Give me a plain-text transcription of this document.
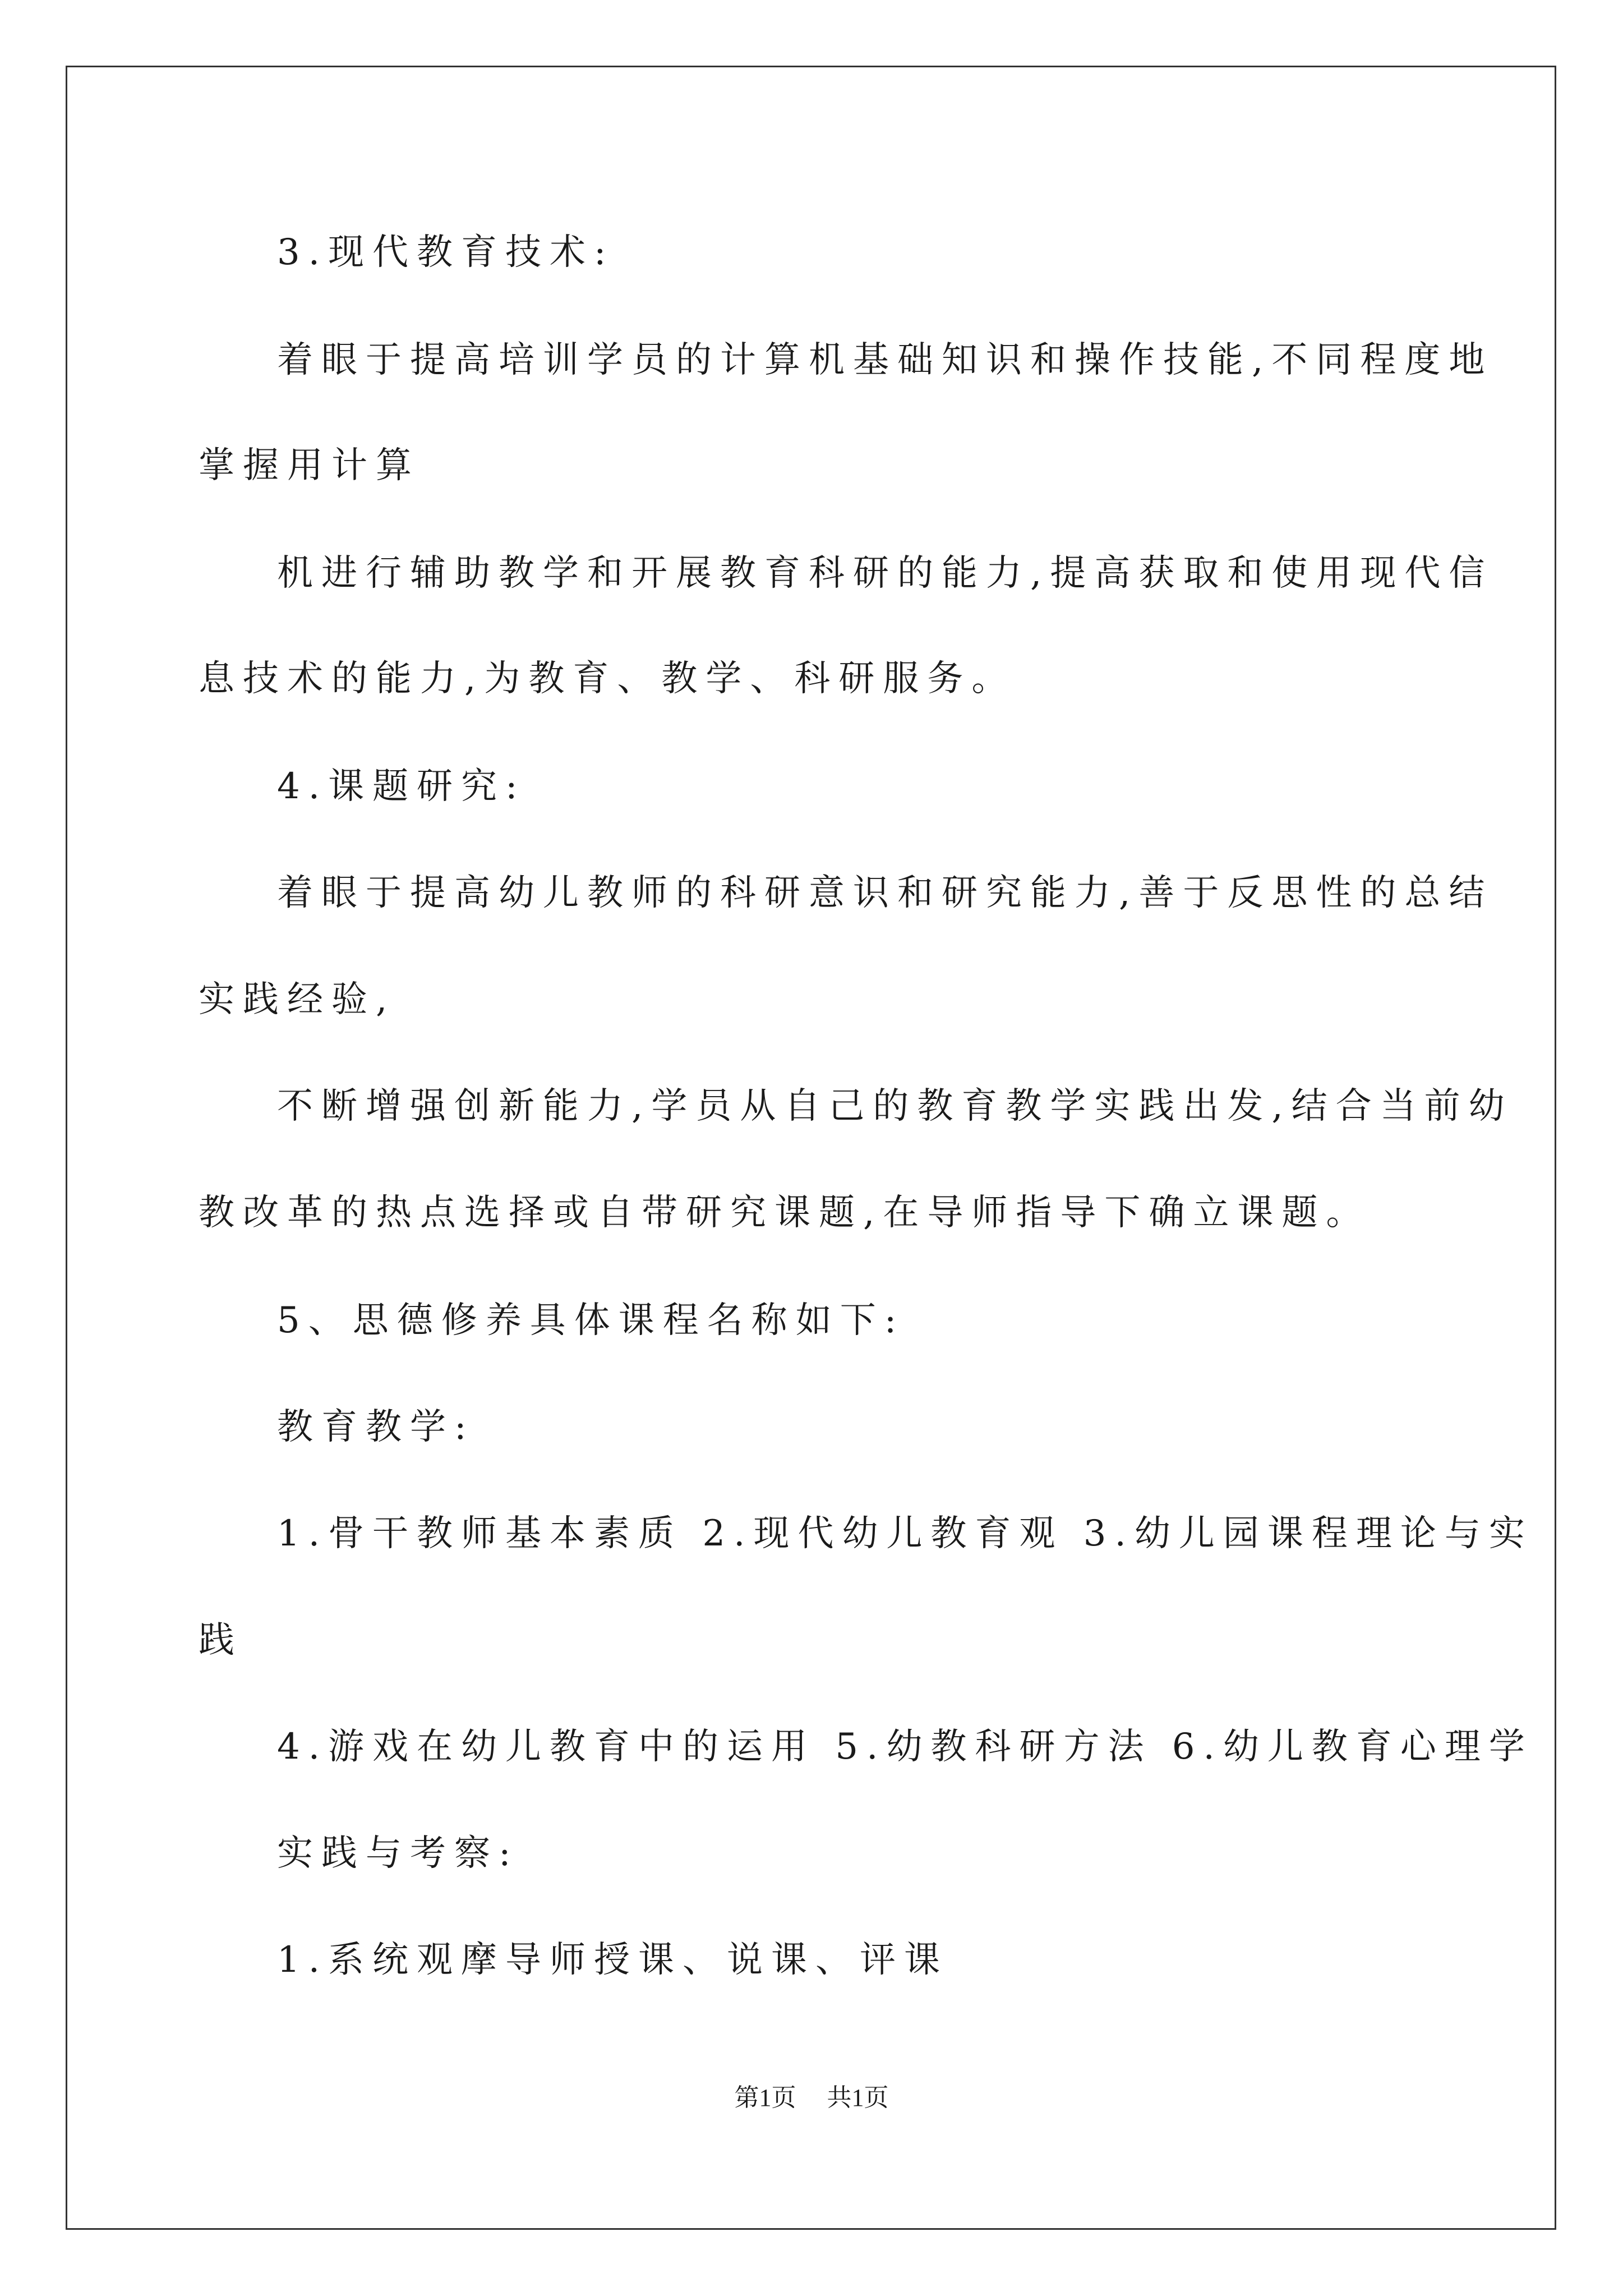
3.现代教育技术:
着眼于提高培训学员的计算机基础知识和操作技能,不同程度地
掌握用计算
机进行辅助教学和开展教育科研的能力,提高获取和使用现代信
息技术的能力,为教育、教学、科研服务。
4.课题研究:
着眼于提高幼儿教师的科研意识和研究能力,善于反思性的总结
实践经验,
不断增强创新能力,学员从自己的教育教学实践出发,结合当前幼
教改革的热点选择或自带研究课题,在导师指导下确立课题。
5、思德修养具体课程名称如下:
教育教学:
1.骨干教师基本素质 2.现代幼儿教育观 3.幼儿园课程理论与实
践
4.游戏在幼儿教育中的运用 5.幼教科研方法 6.幼儿教育心理学
实践与考察:
1.系统观摩导师授课、说课、评课
第1页 共1页
